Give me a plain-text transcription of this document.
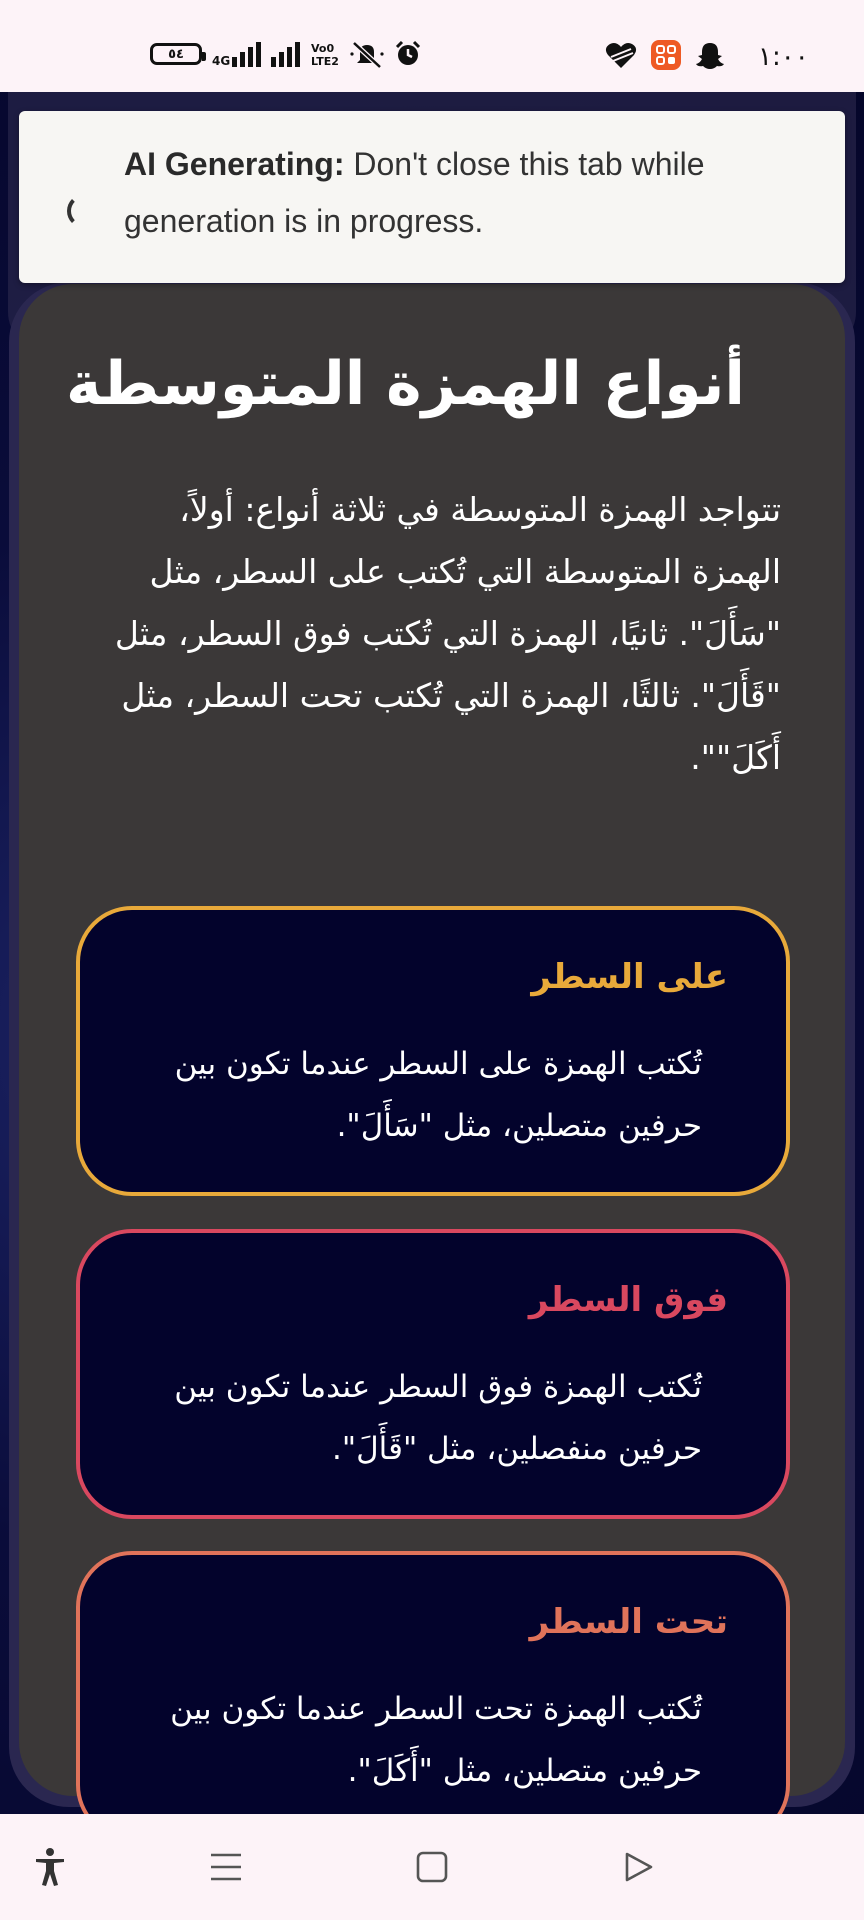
٥٤ 4G
Vo0
LTE2	١:٠٠
AI Generating: Don't close this tab while generation is in progress.
أنواع الهمزة المتوسطة
تتواجد الهمزة المتوسطة في ثلاثة أنواع: أولاً، الهمزة المتوسطة التي تُكتب على السطر، مثل "سَأَلَ". ثانيًا، الهمزة التي تُكتب فوق السطر، مثل "قَأَلَ". ثالثًا، الهمزة التي تُكتب تحت السطر، مثل أَكَلَ"".
على السطر
تُكتب الهمزة على السطر عندما تكون بين حرفين متصلين، مثل "سَأَلَ".
فوق السطر
تُكتب الهمزة فوق السطر عندما تكون بين حرفين منفصلين، مثل "قَأَلَ".
تحت السطر
تُكتب الهمزة تحت السطر عندما تكون بين حرفين متصلين، مثل "أَكَلَ".
